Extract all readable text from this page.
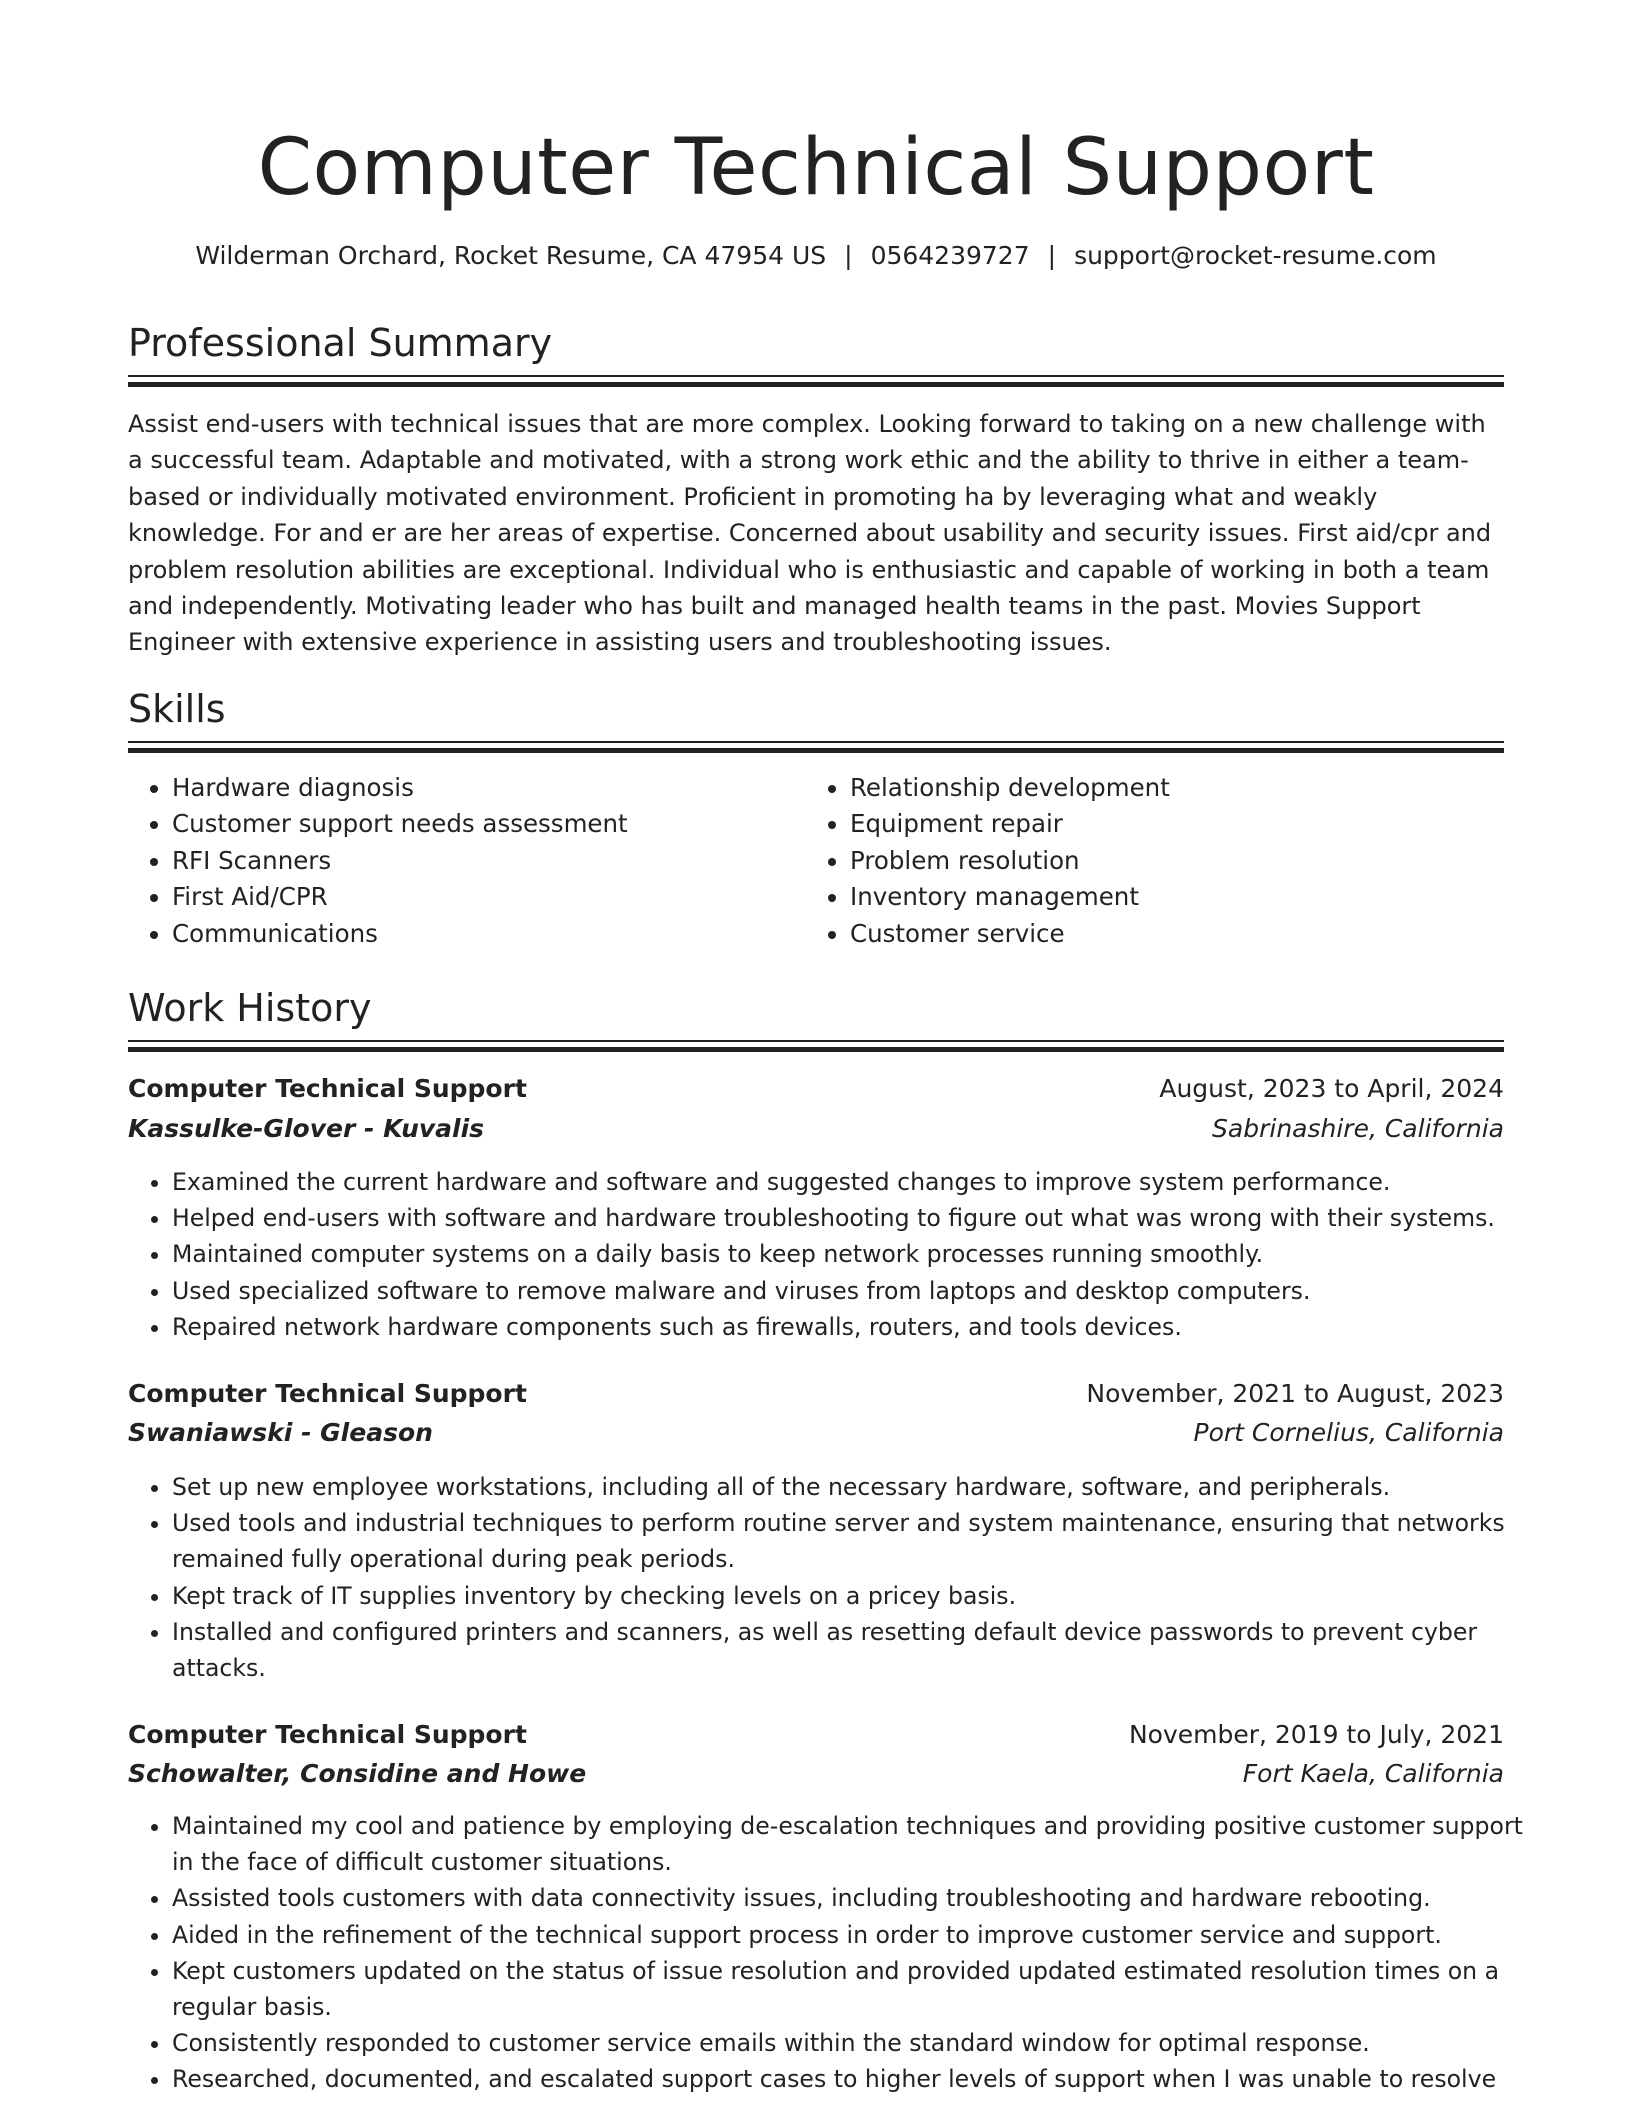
Computer Technical Support
Wilderman Orchard, Rocket Resume, CA 47954 US | 0564239727 | support@rocket-resume.com
Professional Summary

Assist end-users with technical issues that are more complex. Looking forward to taking on a new challenge with a successful team. Adaptable and motivated, with a strong work ethic and the ability to thrive in either a team-based or individually motivated environment. Proficient in promoting ha by leveraging what and weakly knowledge. For and er are her areas of expertise. Concerned about usability and security issues. First aid/cpr and problem resolution abilities are exceptional. Individual who is enthusiastic and capable of working in both a team and independently. Motivating leader who has built and managed health teams in the past. Movies Support Engineer with extensive experience in assisting users and troubleshooting issues.

Skills
• Hardware diagnosis
• Customer support needs assessment
• RFI Scanners
• First Aid/CPR
• Communications
• Relationship development
• Equipment repair
• Problem resolution
• Inventory management
• Customer service
Work History
Computer Technical Support	August, 2023 to April, 2024
Kassulke-Glover - Kuvalis	Sabrinashire, California
• Examined the current hardware and software and suggested changes to improve system performance.
• Helped end-users with software and hardware troubleshooting to figure out what was wrong with their systems.
• Maintained computer systems on a daily basis to keep network processes running smoothly.
• Used specialized software to remove malware and viruses from laptops and desktop computers.
• Repaired network hardware components such as firewalls, routers, and tools devices.
Computer Technical Support	November, 2021 to August, 2023
Swaniawski - Gleason	Port Cornelius, California
• Set up new employee workstations, including all of the necessary hardware, software, and peripherals.
• Used tools and industrial techniques to perform routine server and system maintenance, ensuring that networks remained fully operational during peak periods.
• Kept track of IT supplies inventory by checking levels on a pricey basis.
• Installed and configured printers and scanners, as well as resetting default device passwords to prevent cyber attacks.
Computer Technical Support	November, 2019 to July, 2021
Schowalter, Considine and Howe	Fort Kaela, California
• Maintained my cool and patience by employing de-escalation techniques and providing positive customer support in the face of difficult customer situations.
• Assisted tools customers with data connectivity issues, including troubleshooting and hardware rebooting.
• Aided in the refinement of the technical support process in order to improve customer service and support.
• Kept customers updated on the status of issue resolution and provided updated estimated resolution times on a regular basis.
• Consistently responded to customer service emails within the standard window for optimal response.
• Researched, documented, and escalated support cases to higher levels of support when I was unable to resolve
